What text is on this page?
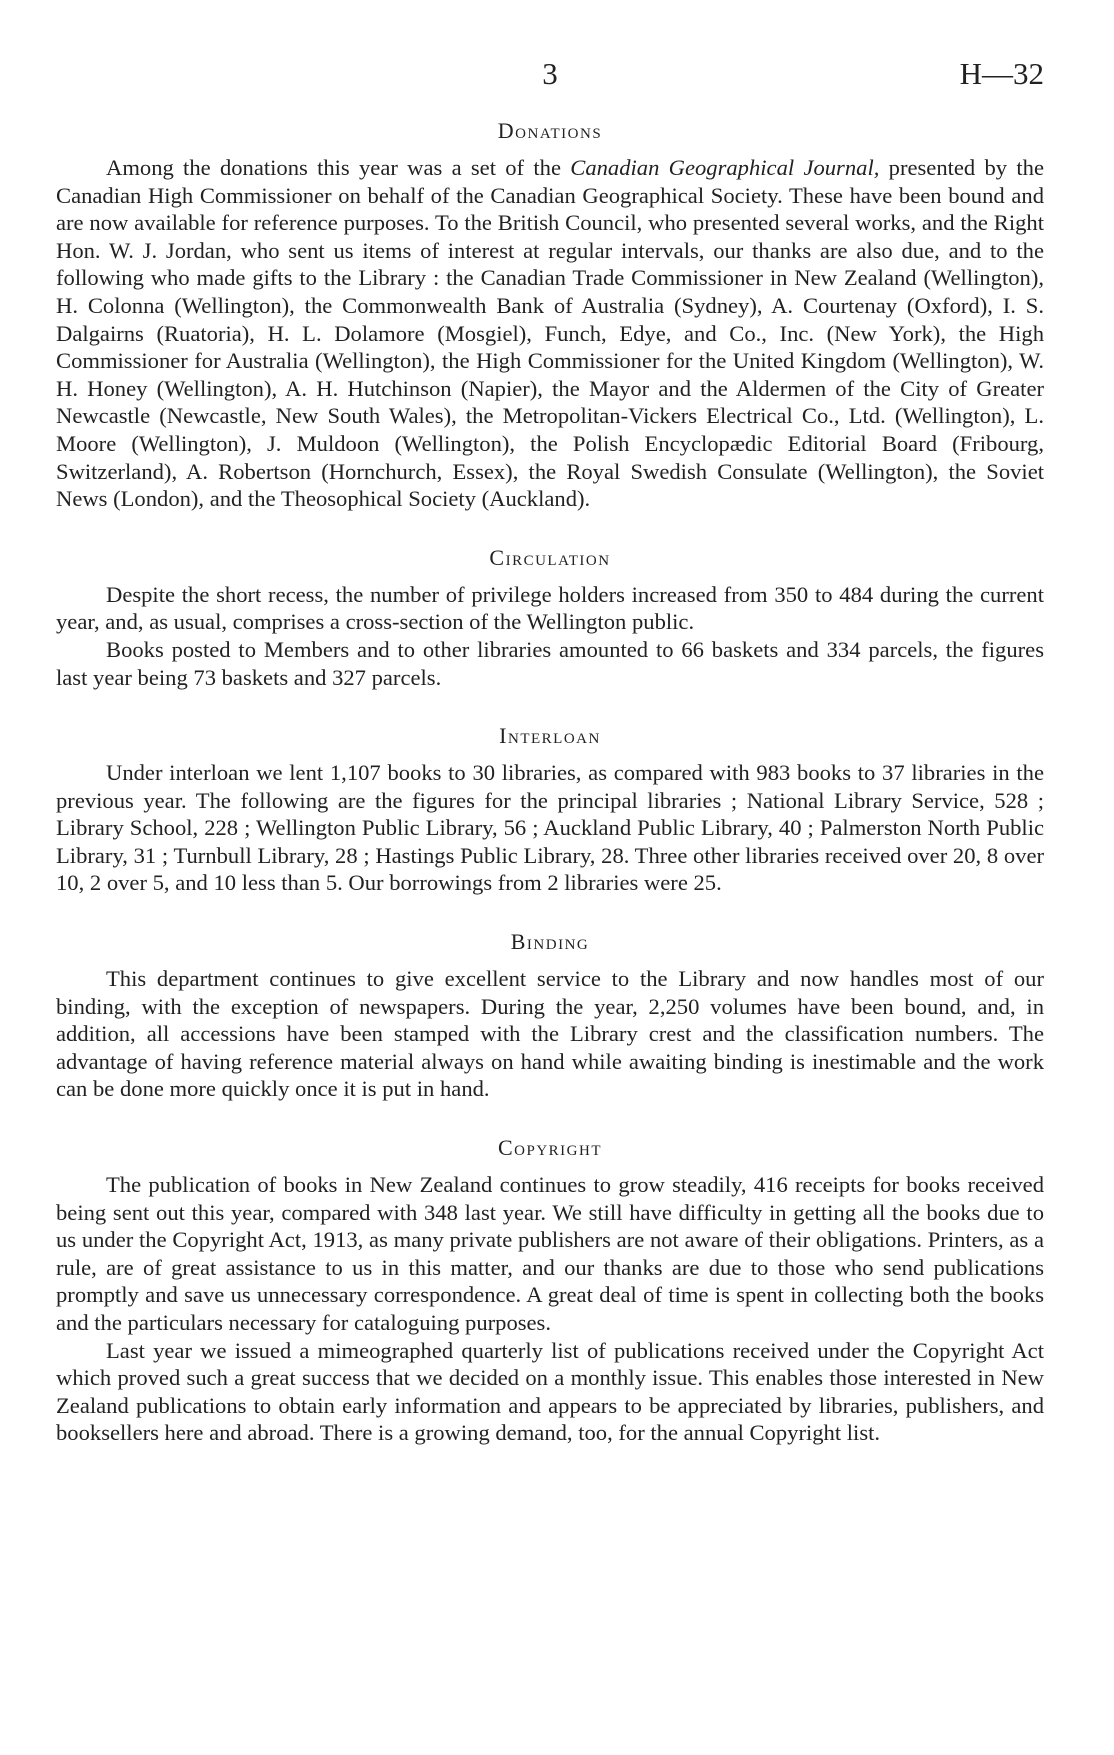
3	H—32
Donations

Among the donations this year was a set of the Canadian Geographical Journal, presented by the Canadian High Commissioner on behalf of the Canadian Geographical Society. These have been bound and are now available for reference purposes. To the British Council, who presented several works, and the Right Hon. W. J. Jordan, who sent us items of interest at regular intervals, our thanks are also due, and to the following who made gifts to the Library : the Canadian Trade Commissioner in New Zealand (Wellington), H. Colonna (Wellington), the Commonwealth Bank of Australia (Sydney), A. Courtenay (Oxford), I. S. Dalgairns (Ruatoria), H. L. Dolamore (Mosgiel), Funch, Edye, and Co., Inc. (New York), the High Commissioner for Australia (Wellington), the High Commissioner for the United Kingdom (Wellington), W. H. Honey (Wellington), A. H. Hutchinson (Napier), the Mayor and the Aldermen of the City of Greater Newcastle (Newcastle, New South Wales), the Metropolitan-Vickers Electrical Co., Ltd. (Wellington), L. Moore (Wellington), J. Muldoon (Wellington), the Polish Encyclopædic Editorial Board (Fribourg, Switzerland), A. Robertson (Hornchurch, Essex), the Royal Swedish Consulate (Wellington), the Soviet News (London), and the Theosophical Society (Auckland).

Circulation

Despite the short recess, the number of privilege holders increased from 350 to 484 during the current year, and, as usual, comprises a cross-section of the Wellington public.

Books posted to Members and to other libraries amounted to 66 baskets and 334 parcels, the figures last year being 73 baskets and 327 parcels.

Interloan

Under interloan we lent 1,107 books to 30 libraries, as compared with 983 books to 37 libraries in the previous year. The following are the figures for the principal libraries ; National Library Service, 528 ; Library School, 228 ; Wellington Public Library, 56 ; Auckland Public Library, 40 ; Palmerston North Public Library, 31 ; Turnbull Library, 28 ; Hastings Public Library, 28. Three other libraries received over 20, 8 over 10, 2 over 5, and 10 less than 5. Our borrowings from 2 libraries were 25.

Binding

This department continues to give excellent service to the Library and now handles most of our binding, with the exception of newspapers. During the year, 2,250 volumes have been bound, and, in addition, all accessions have been stamped with the Library crest and the classification numbers. The advantage of having reference material always on hand while awaiting binding is inestimable and the work can be done more quickly once it is put in hand.

Copyright

The publication of books in New Zealand continues to grow steadily, 416 receipts for books received being sent out this year, compared with 348 last year. We still have difficulty in getting all the books due to us under the Copyright Act, 1913, as many private publishers are not aware of their obligations. Printers, as a rule, are of great assistance to us in this matter, and our thanks are due to those who send publications promptly and save us unnecessary correspondence. A great deal of time is spent in collecting both the books and the particulars necessary for cataloguing purposes.

Last year we issued a mimeographed quarterly list of publications received under the Copyright Act which proved such a great success that we decided on a monthly issue. This enables those interested in New Zealand publications to obtain early information and appears to be appreciated by libraries, publishers, and booksellers here and abroad. There is a growing demand, too, for the annual Copyright list.
